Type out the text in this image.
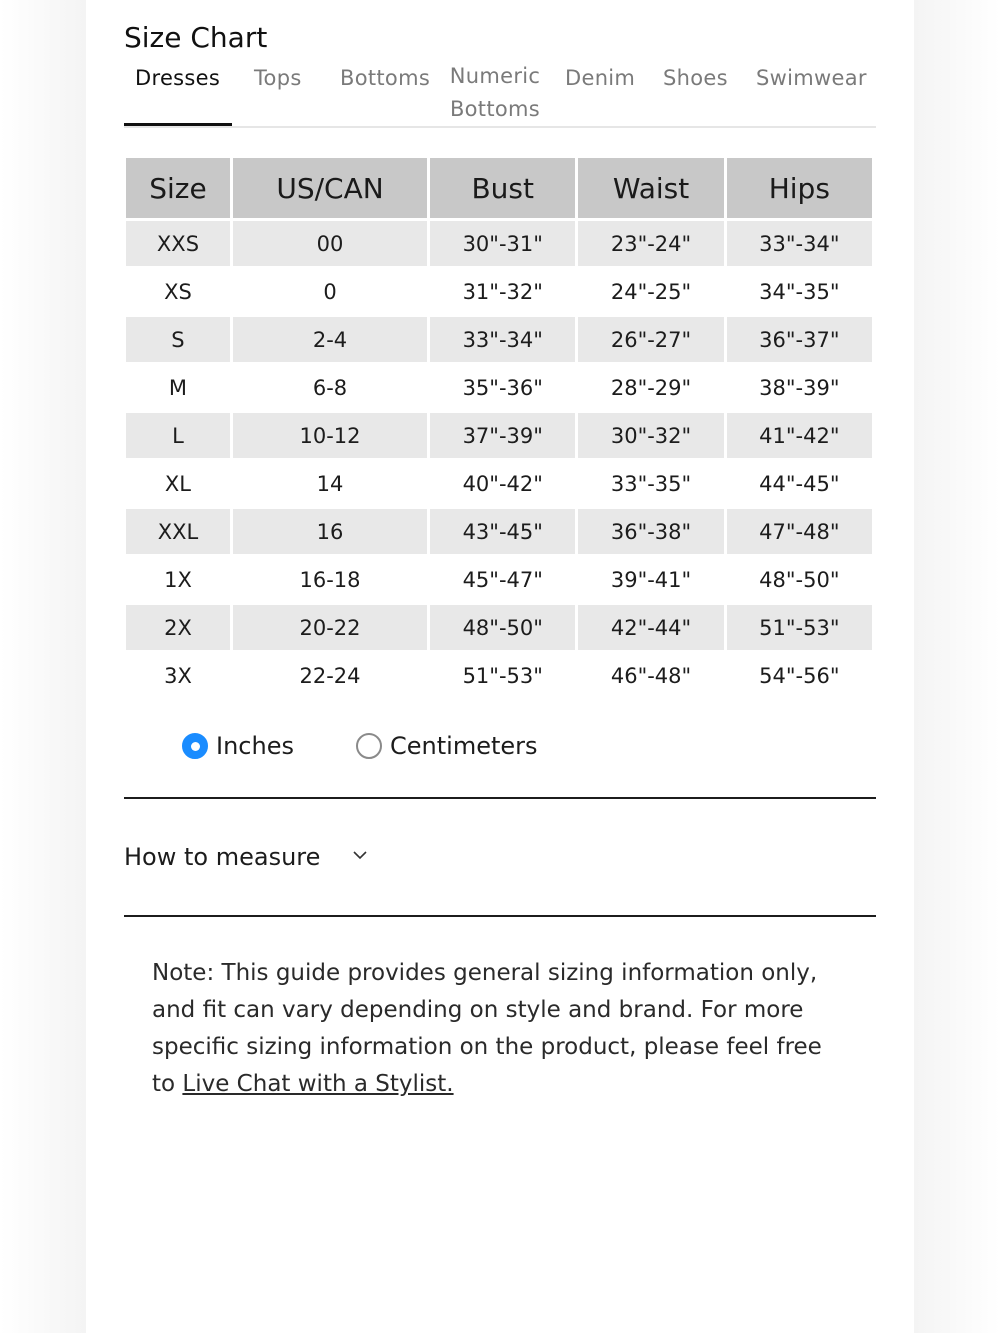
Size Chart
Dresses Tops Bottoms Numeric
Bottoms
Denim Shoes Swimwear
Size	US/CAN	Bust	Waist	Hips
XXS	00	30"-31"	23"-24"	33"-34"
XS	0	31"-32"	24"-25"	34"-35"
S	2-4	33"-34"	26"-27"	36"-37"
M	6-8	35"-36"	28"-29"	38"-39"
L	10-12	37"-39"	30"-32"	41"-42"
XL	14	40"-42"	33"-35"	44"-45"
XXL	16	43"-45"	36"-38"	47"-48"
1X	16-18	45"-47"	39"-41"	48"-50"
2X	20-22	48"-50"	42"-44"	51"-53"
3X	22-24	51"-53"	46"-48"	54"-56"
Inches	Centimeters
How to measure
Note: This guide provides general sizing information only, and fit can vary depending on style and brand. For more specific sizing information on the product, please feel free to Live Chat with a Stylist.
